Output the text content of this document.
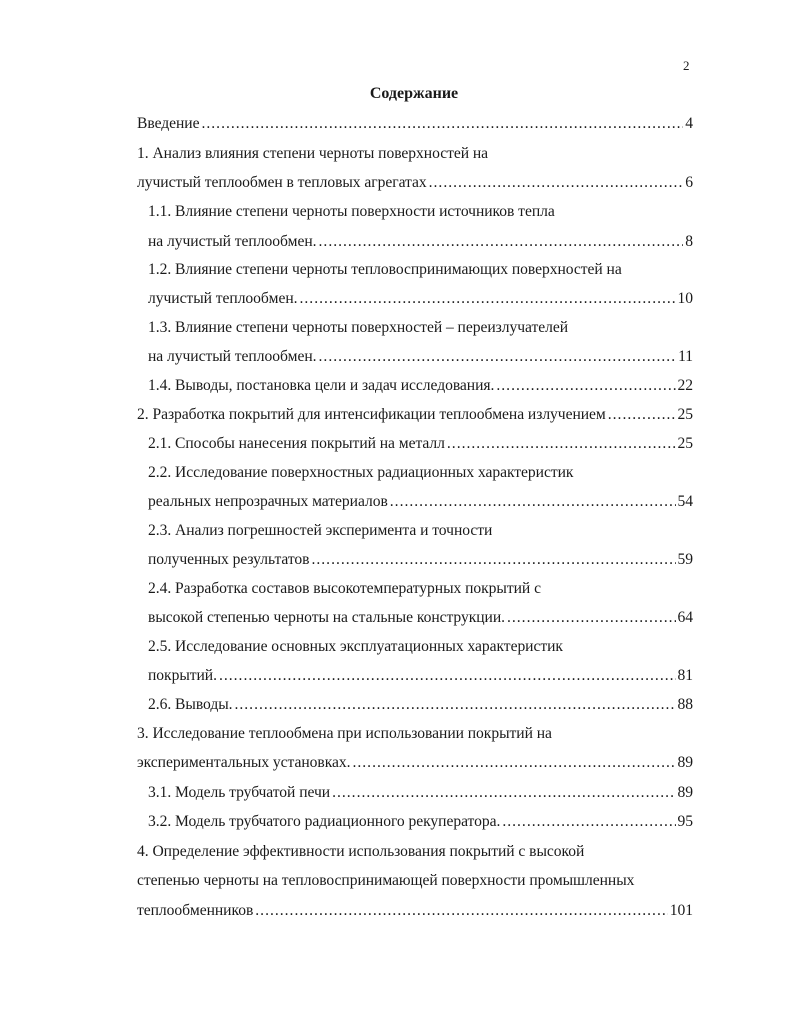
2
Содержание
Введение .....	4
1. Анализ влияния степени черноты поверхностей на
лучистый теплообмен в тепловых агрегатах .....	6
1.1. Влияние степени черноты поверхности источников тепла
на лучистый теплообмен. .....	8
1.2. Влияние степени черноты тепловоспринимающих поверхностей на
лучистый теплообмен. .....	10
1.3. Влияние степени черноты поверхностей – переизлучателей
на лучистый теплообмен. .....	11
1.4. Выводы, постановка цели и задач исследования. .....	22
2. Разработка покрытий для интенсификации теплообмена излучением .....	25
2.1. Способы нанесения покрытий на металл .....	25
2.2. Исследование поверхностных радиационных характеристик
реальных непрозрачных материалов .....	54
2.3. Анализ погрешностей эксперимента и точности
полученных результатов .....	59
2.4. Разработка составов высокотемпературных покрытий с
высокой степенью черноты на стальные конструкции. .....	64
2.5. Исследование основных эксплуатационных характеристик
покрытий. .....	81
2.6. Выводы. .....	88
3. Исследование теплообмена при использовании покрытий на
экспериментальных установках. .....	89
3.1. Модель трубчатой печи .....	89
3.2. Модель трубчатого радиационного рекуператора. .....	95
4. Определение эффективности использования покрытий с высокой
степенью черноты на тепловоспринимающей поверхности промышленных
теплообменников .....	101
